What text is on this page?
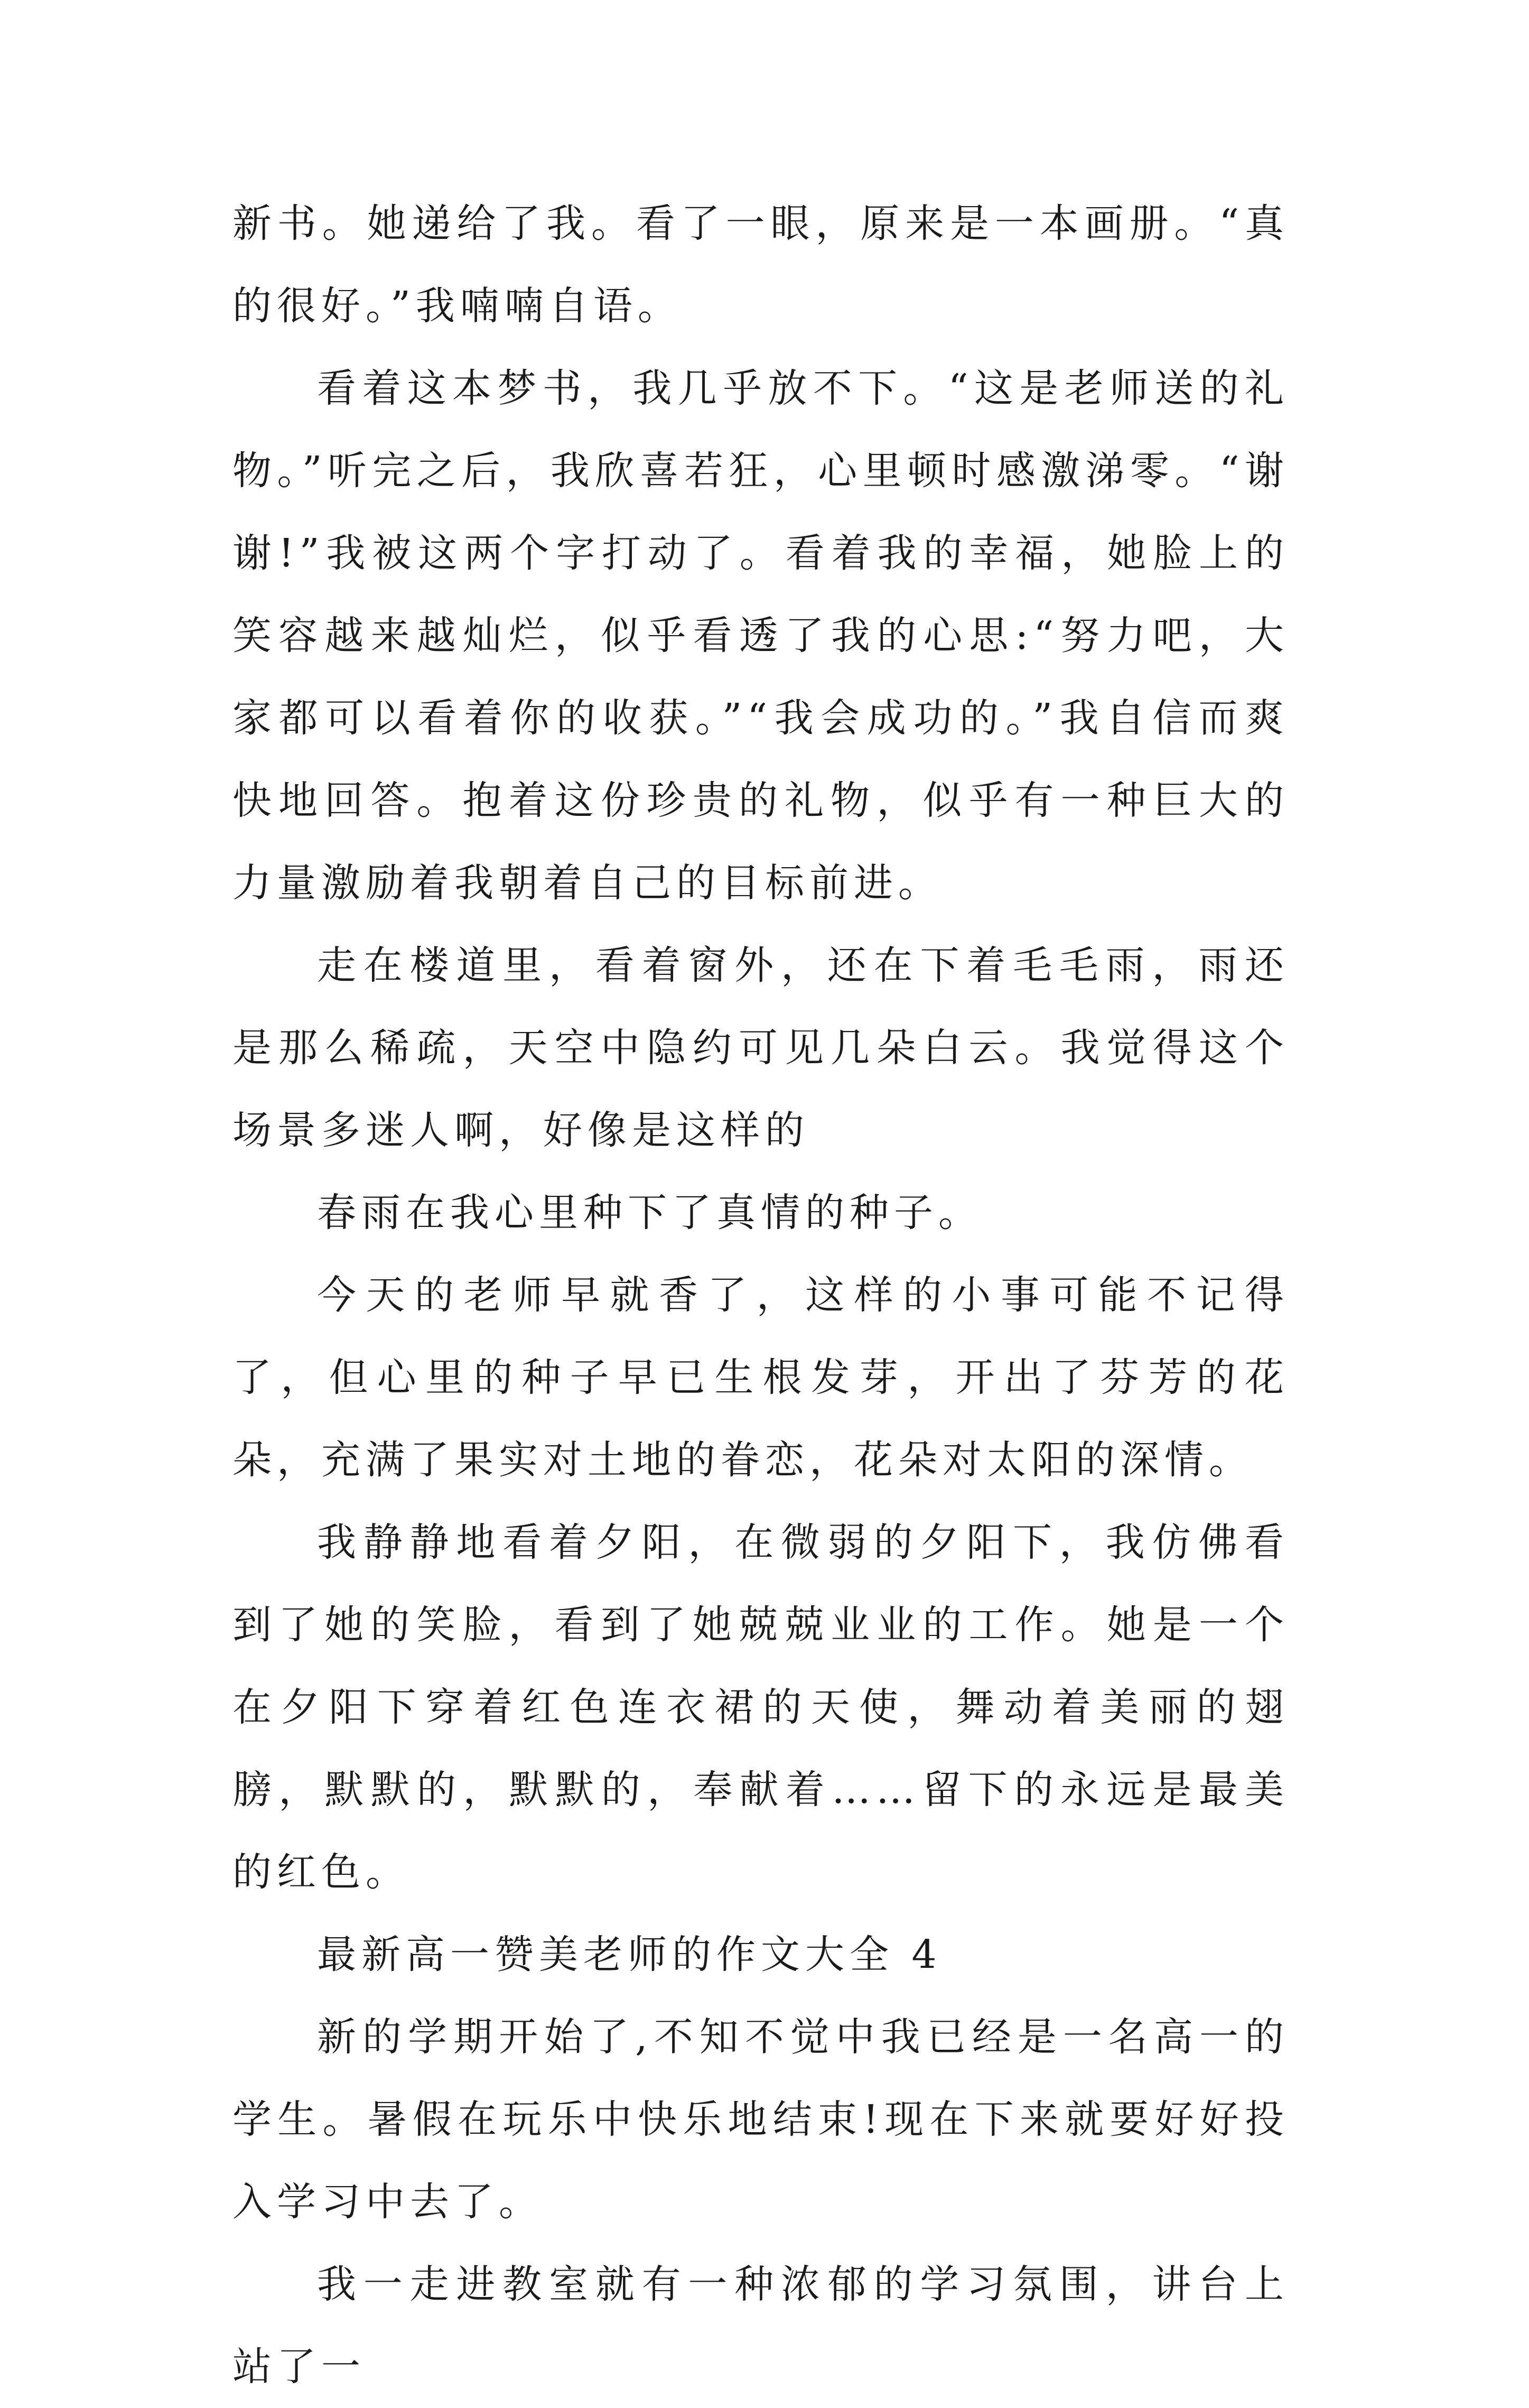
新书。她递给了我。看了一眼，原来是一本画册。“真的很好。”我喃喃自语。

看着这本梦书，我几乎放不下。“这是老师送的礼物。”听完之后，我欣喜若狂，心里顿时感激涕零。“谢谢!”我被这两个字打动了。看着我的幸福，她脸上的笑容越来越灿烂，似乎看透了我的心思:“努力吧，大家都可以看着你的收获。”“我会成功的。”我自信而爽快地回答。抱着这份珍贵的礼物，似乎有一种巨大的力量激励着我朝着自己的目标前进。

走在楼道里，看着窗外，还在下着毛毛雨，雨还是那么稀疏，天空中隐约可见几朵白云。我觉得这个场景多迷人啊，好像是这样的

春雨在我心里种下了真情的种子。

今天的老师早就香了，这样的小事可能不记得了，但心里的种子早已生根发芽，开出了芬芳的花朵，充满了果实对土地的眷恋，花朵对太阳的深情。

我静静地看着夕阳，在微弱的夕阳下，我仿佛看到了她的笑脸，看到了她兢兢业业的工作。她是一个在夕阳下穿着红色连衣裙的天使，舞动着美丽的翅膀，默默的，默默的，奉献着……留下的永远是最美的红色。

最新高一赞美老师的作文大全 4

新的学期开始了,不知不觉中我已经是一名高一的学生。暑假在玩乐中快乐地结束!现在下来就要好好投入学习中去了。

我一走进教室就有一种浓郁的学习氛围，讲台上站了一
